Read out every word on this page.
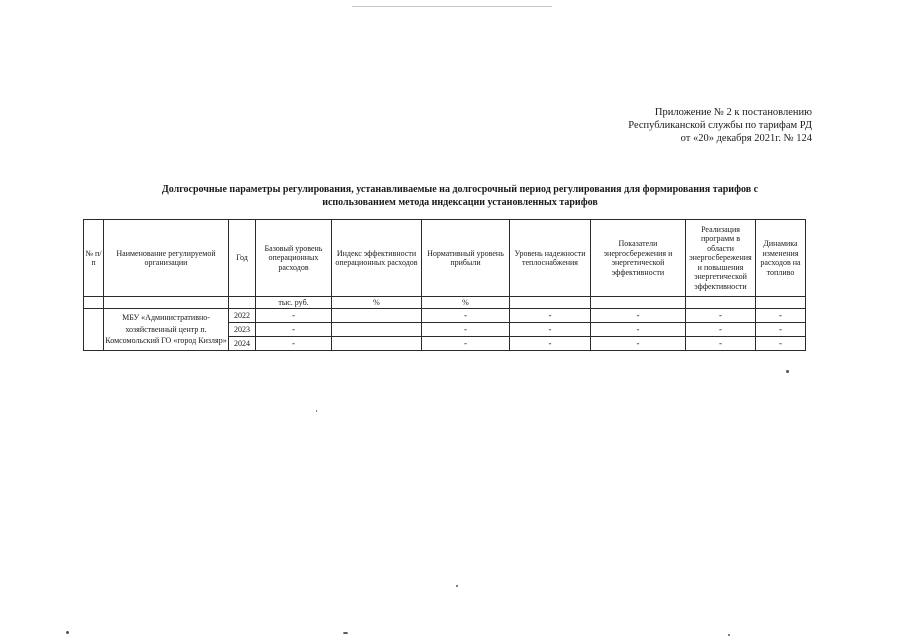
Приложение № 2 к постановлению
Республиканской службы по тарифам РД
от «20» декабря 2021г. № 124
Долгосрочные параметры регулирования, устанавливаемые на долгосрочный период регулирования для формирования тарифов с
использованием метода индексации установленных тарифов
№ п/п	Наименование регулируемой организации	Год	Базовый уровень операционных расходов	Индекс эффективности операционных расходов	Нормативный уровень прибыли	Уровень надежности теплоснабжения	Показатели энергосбережения и энергетической эффективности	Реализация программ в области энергосбережения и повышения энергетической эффективности	Динамика изменения расходов на топливо
			тыс. руб.	%	%				
	МБУ «Административно-хозяйственный центр п. Комсомольский ГО «город Кизляр»	2022	-		-	-	-	-	-
		2023	-		-	-	-	-	-
		2024	-		-	-	-	-	-
